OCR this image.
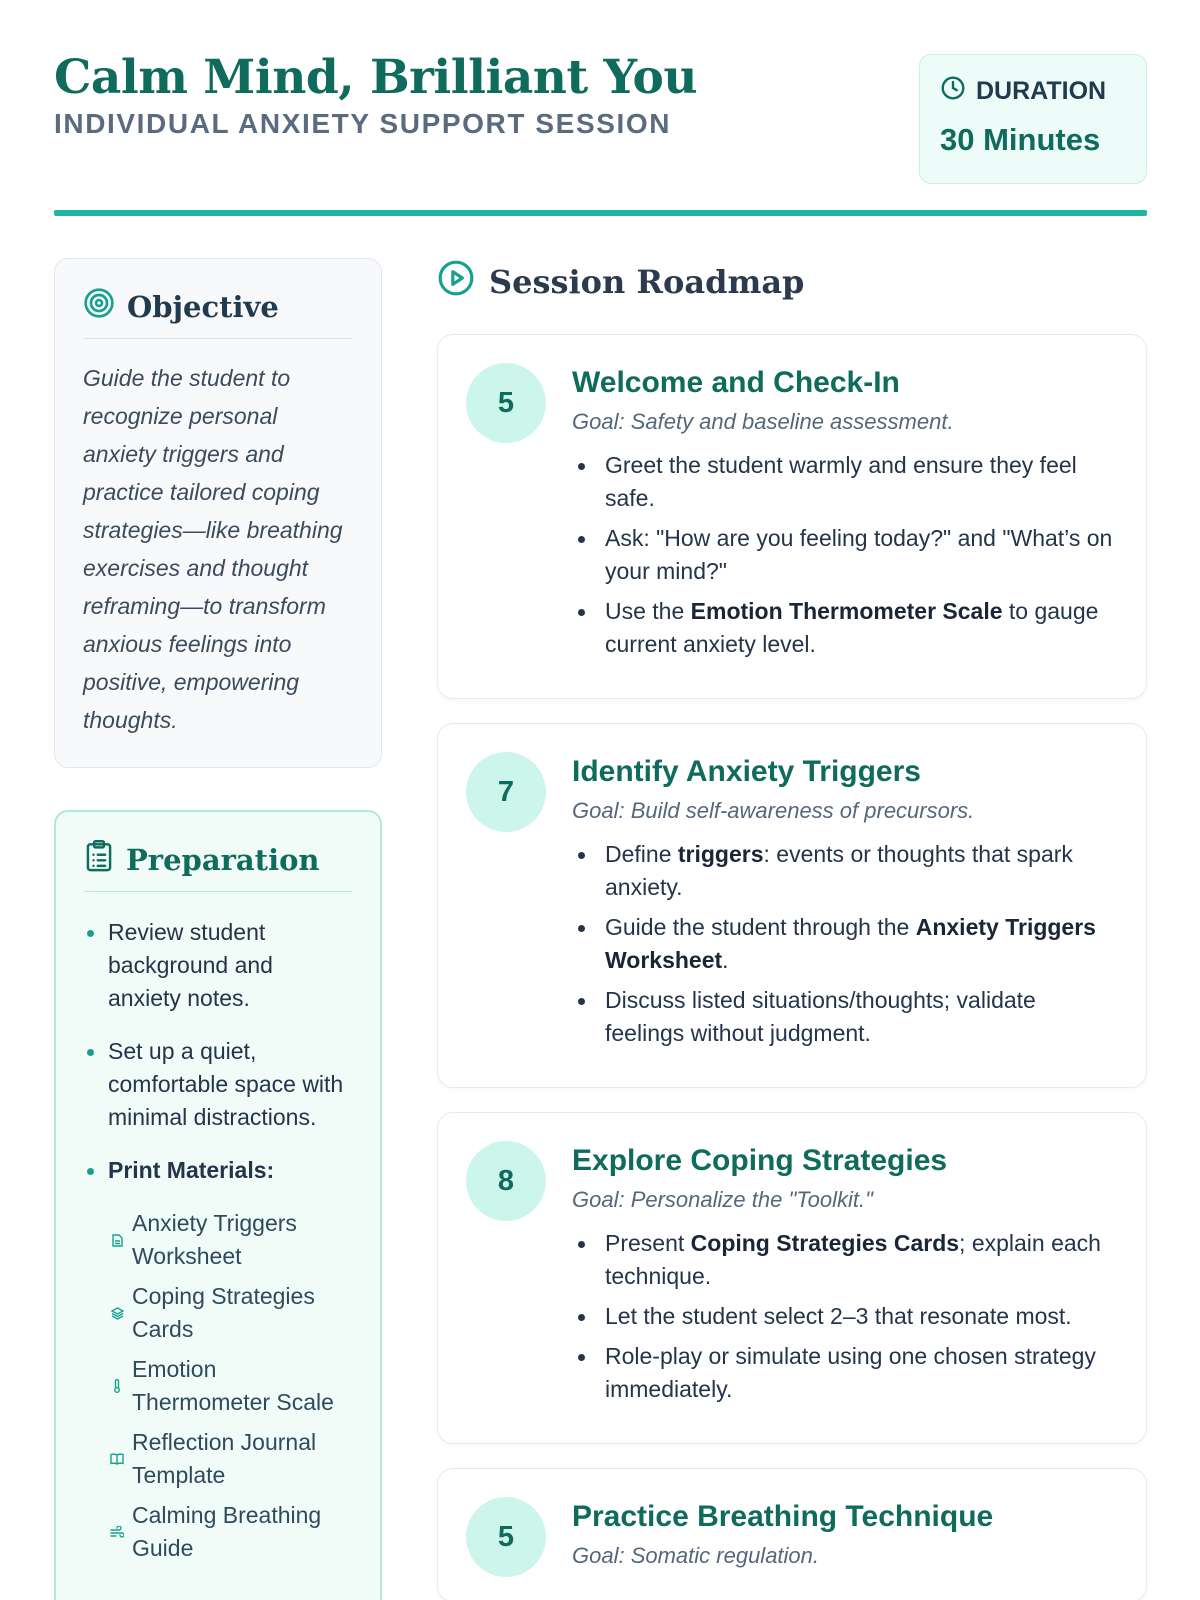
Calm Mind, Brilliant You
INDIVIDUAL ANXIETY SUPPORT SESSION
DURATION
30 Minutes
Objective

Guide the student to recognize personal anxiety triggers and practice tailored coping strategies—like breathing exercises and thought reframing—to transform anxious feelings into positive, empowering thoughts.

Preparation
Review student background and anxiety notes.
Set up a quiet, comfortable space with minimal distractions.
Print Materials:
Anxiety Triggers Worksheet
Coping Strategies Cards
Emotion Thermometer Scale
Reflection Journal Template
Calming Breathing Guide
Session Roadmap
5
Welcome and Check-In
Goal: Safety and baseline assessment.
Greet the student warmly and ensure they feel safe.
Ask: "How are you feeling today?" and "What’s on your mind?"
Use the Emotion Thermometer Scale to gauge current anxiety level.
7
Identify Anxiety Triggers
Goal: Build self-awareness of precursors.
Define triggers: events or thoughts that spark anxiety.
Guide the student through the Anxiety Triggers Worksheet.
Discuss listed situations/thoughts; validate feelings without judgment.
8
Explore Coping Strategies
Goal: Personalize the "Toolkit."
Present Coping Strategies Cards; explain each technique.
Let the student select 2–3 that resonate most.
Role-play or simulate using one chosen strategy immediately.
5
Practice Breathing Technique
Goal: Somatic regulation.
